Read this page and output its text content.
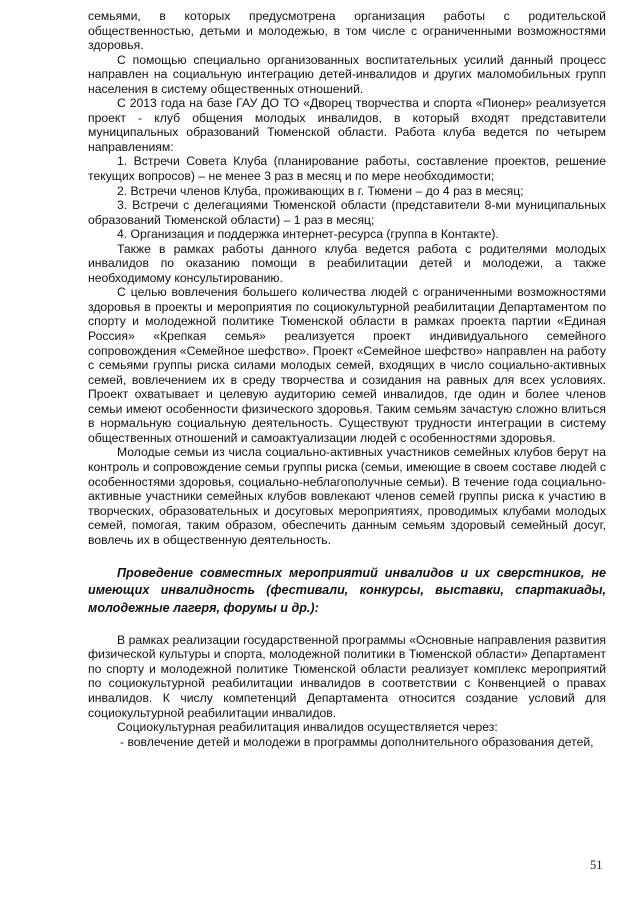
семьями, в которых предусмотрена организация работы с родительской общественностью, детьми и молодежью, в том числе с ограниченными возможностями здоровья.

С помощью специально организованных воспитательных усилий данный процесс направлен на социальную интеграцию детей-инвалидов и других маломобильных групп населения в систему общественных отношений.

С 2013 года на базе ГАУ ДО ТО «Дворец творчества и спорта «Пионер» реализуется проект - клуб общения молодых инвалидов, в который входят представители муниципальных образований Тюменской области. Работа клуба ведется по четырем направлениям:

1. Встречи Совета Клуба (планирование работы, составление проектов, решение текущих вопросов) – не менее 3 раз в месяц и по мере необходимости;

2. Встречи членов Клуба, проживающих в г. Тюмени – до 4 раз в месяц;

3. Встречи с делегациями Тюменской области (представители 8-ми муниципальных образований Тюменской области) – 1 раз в месяц;

4. Организация и поддержка интернет-ресурса (группа в Контакте).

Также в рамках работы данного клуба ведется работа с родителями молодых инвалидов по оказанию помощи в реабилитации детей и молодежи, а также необходимому консультированию.

С целью вовлечения большего количества людей с ограниченными возможностями здоровья в проекты и мероприятия по социокультурной реабилитации Департаментом по спорту и молодежной политике Тюменской области в рамках проекта партии «Единая Россия» «Крепкая семья» реализуется проект индивидуального семейного сопровождения «Семейное шефство». Проект «Семейное шефство» направлен на работу с семьями группы риска силами молодых семей, входящих в число социально-активных семей, вовлечением их в среду творчества и созидания на равных для всех условиях. Проект охватывает и целевую аудиторию семей инвалидов, где один и более членов семьи имеют особенности физического здоровья. Таким семьям зачастую сложно влиться в нормальную социальную деятельность. Существуют трудности интеграции в систему общественных отношений и самоактуализации людей с особенностями здоровья.

Молодые семьи из числа социально-активных участников семейных клубов берут на контроль и сопровождение семьи группы риска (семьи, имеющие в своем составе людей с особенностями здоровья, социально-неблагополучные семьи). В течение года социально-активные участники семейных клубов вовлекают членов семей группы риска к участию в творческих, образовательных и досуговых мероприятиях, проводимых клубами молодых семей, помогая, таким образом, обеспечить данным семьям здоровый семейный досуг, вовлечь их в общественную деятельность.

Проведение совместных мероприятий инвалидов и их сверстников, не имеющих инвалидность (фестивали, конкурсы, выставки, спартакиады, молодежные лагеря, форумы и др.):

В рамках реализации государственной программы «Основные направления развития физической культуры и спорта, молодежной политики в Тюменской области» Департамент по спорту и молодежной политике Тюменской области реализует комплекс мероприятий по социокультурной реабилитации инвалидов в соответствии с Конвенцией о правах инвалидов. К числу компетенций Департамента относится создание условий для социокультурной реабилитации инвалидов.

Социокультурная реабилитация инвалидов осуществляется через:

- вовлечение детей и молодежи в программы дополнительного образования детей,

51
